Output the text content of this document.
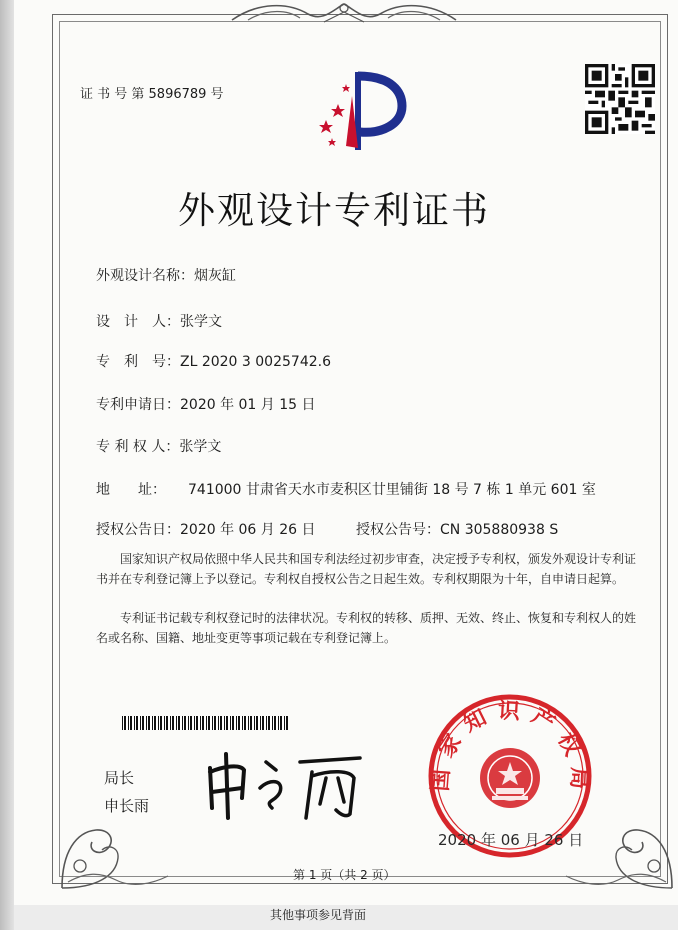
证 书 号 第 5896789 号
外观设计专利证书
外观设计名称：烟灰缸
设　计　人：张学文
专　利　号：ZL 2020 3 0025742.6
专利申请日：2020 年 01 月 15 日
专 利 权 人：张学文
地　　址： 741000 甘肃省天水市麦积区廿里铺街 18 号 7 栋 1 单元 601 室
授权公告日：2020 年 06 月 26 日	授权公告号：CN 305880938 S
国家知识产权局依照中华人民共和国专利法经过初步审查，决定授予专利权，颁发外观设计专利证书并在专利登记簿上予以登记。专利权自授权公告之日起生效。专利权期限为十年，自申请日起算。
专利证书记载专利权登记时的法律状况。专利权的转移、质押、无效、终止、恢复和专利权人的姓名或名称、国籍、地址变更等事项记载在专利登记簿上。
局长
申长雨
国家知识产权局
2020 年 06 月 26 日
第 1 页（共 2 页）
其他事项参见背面
